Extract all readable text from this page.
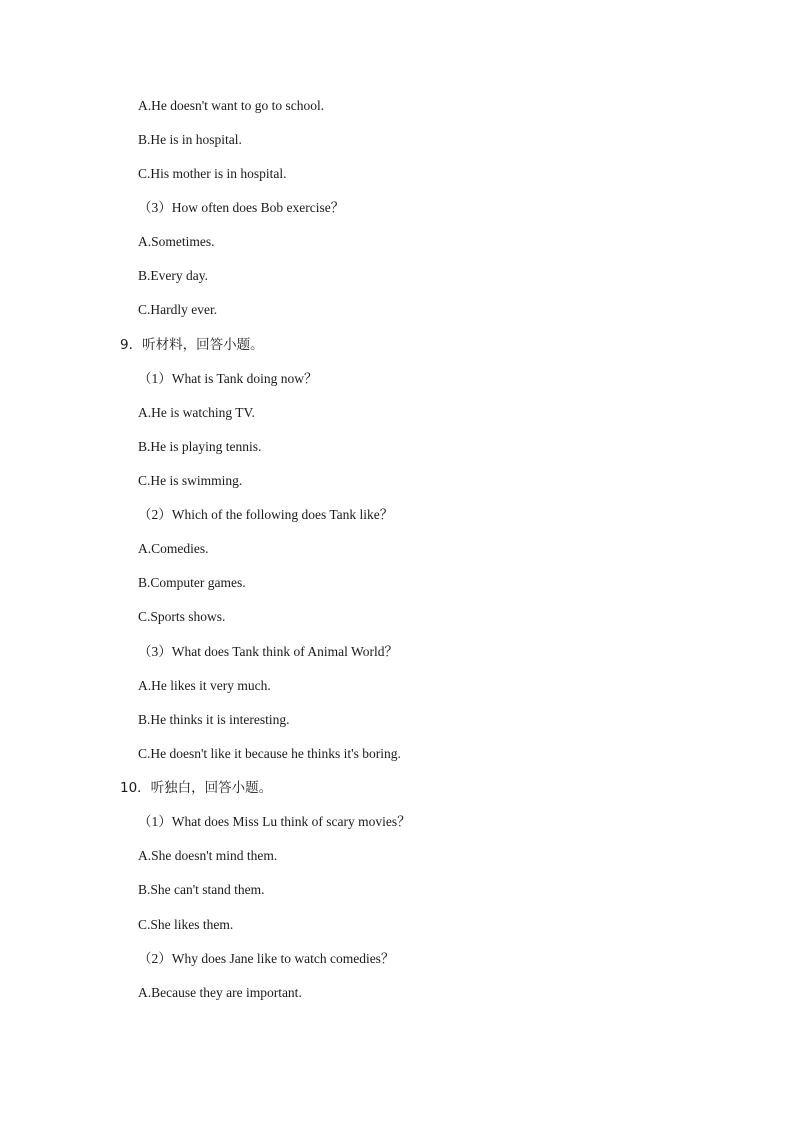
A.He doesn't want to go to school.
B.He is in hospital.
C.His mother is in hospital.
（3）How often does Bob exercise？
A.Sometimes.
B.Every day.
C.Hardly ever.
9．听材料，回答小题。
（1）What is Tank doing now？
A.He is watching TV.
B.He is playing tennis.
C.He is swimming.
（2）Which of the following does Tank like？
A.Comedies.
B.Computer games.
C.Sports shows.
（3）What does Tank think of Animal World？
A.He likes it very much.
B.He thinks it is interesting.
C.He doesn't like it because he thinks it's boring.
10．听独白，回答小题。
（1）What does Miss Lu think of scary movies？
A.She doesn't mind them.
B.She can't stand them.
C.She likes them.
（2）Why does Jane like to watch comedies？
A.Because they are important.
